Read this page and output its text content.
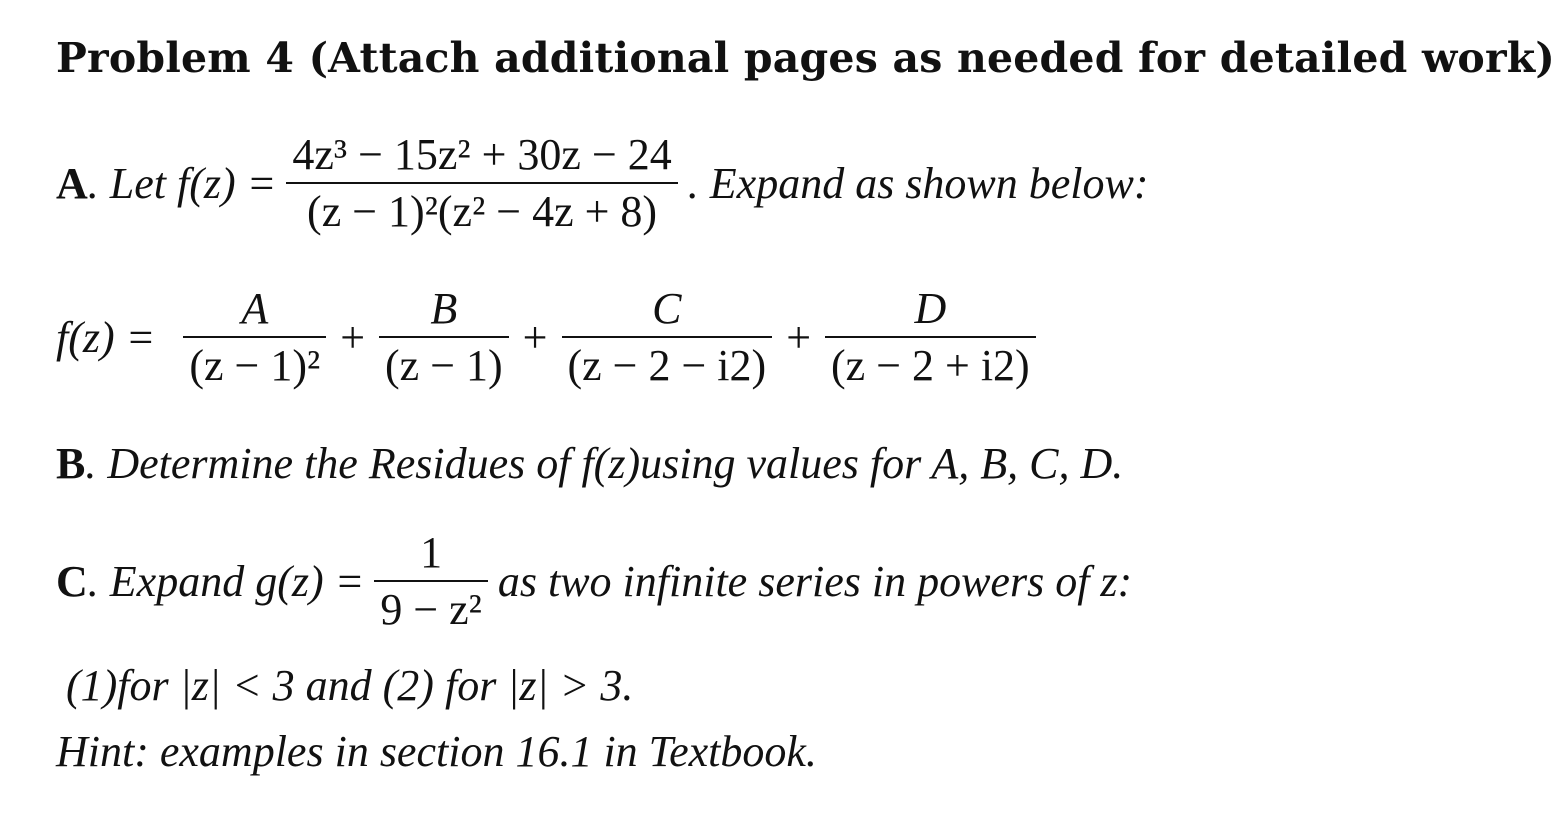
Problem 4 (Attach additional pages as needed for detailed work)
A . Let $f(z) = \frac{\text{4z³ − 15z² + 30z − 24}}{\text{(z − 1)²(z² − 4z + 8)}}$ . Expand as shown below:
$f(z) = \frac{A}{\text{(z − 1)²}} + \frac{B}{(z - 1)} + \frac{C}{(z - 2 - i2)} + \frac{D}{(z - 2 + i2)}$
B. Determine the Residues of f(z)using values for A, B, C, D.
C . Expand $g(z) = \frac{1}{\text{9 − z²}}$ as two infinite series in powers of z:
(1)for |z| < 3 and (2) for |z| > 3.
Hint: examples in section 16.1 in Textbook.
